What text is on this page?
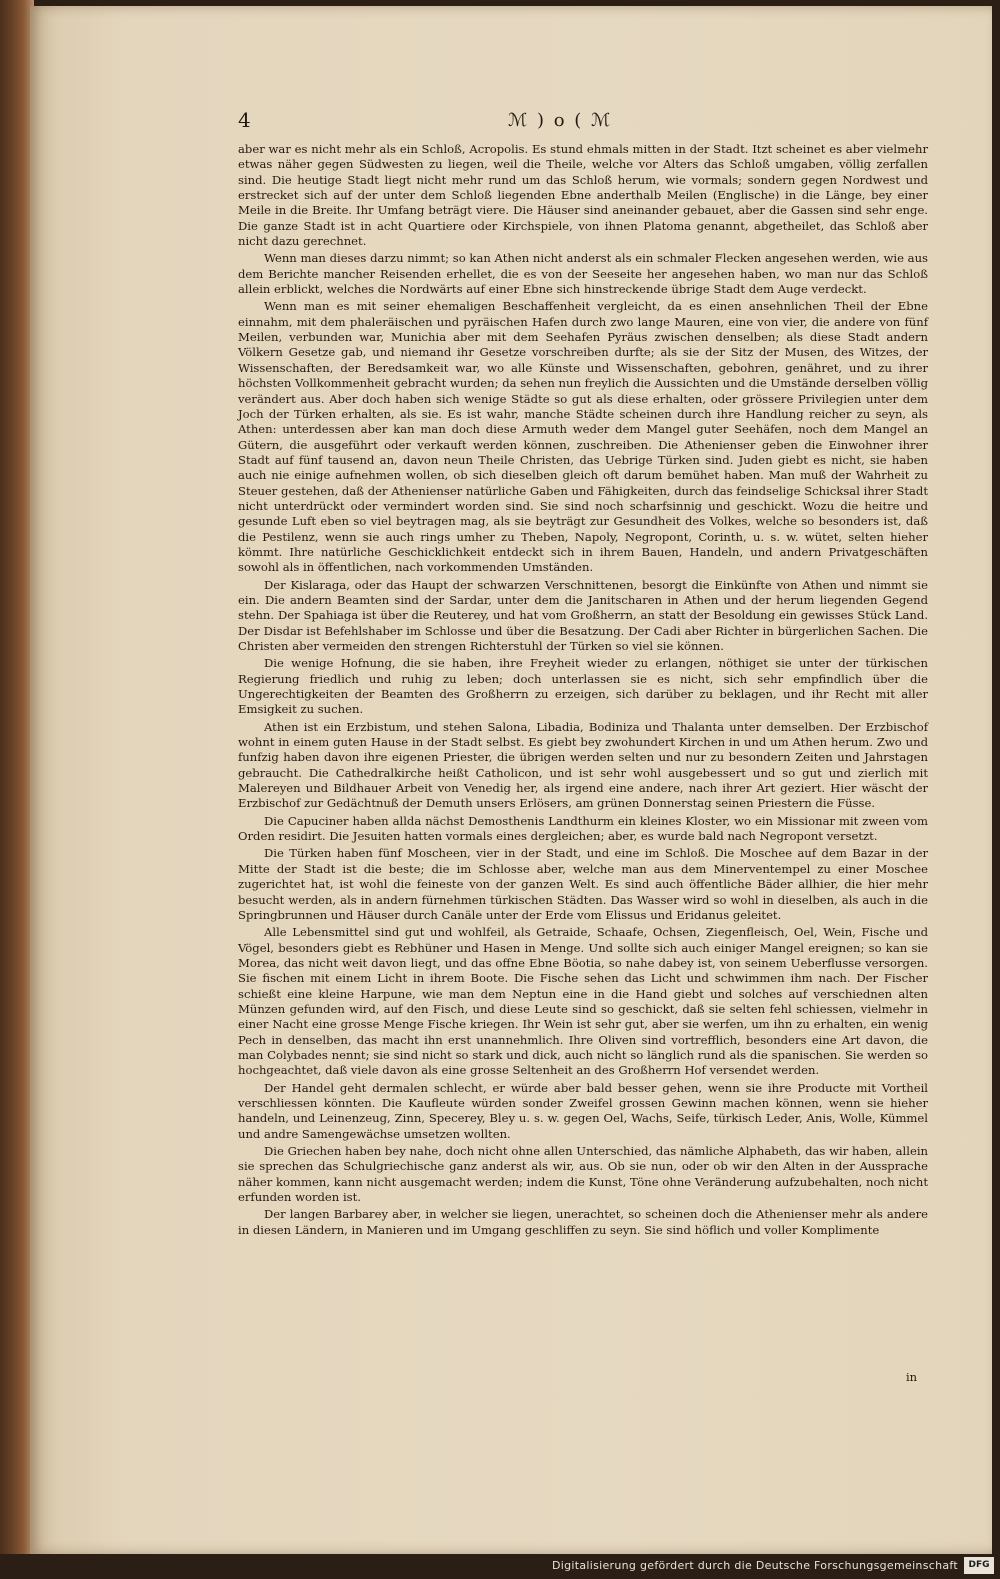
4	ℳ ) o ( ℳ

aber war es nicht mehr als ein Schloß, Acropolis. Es stund ehmals mitten in der Stadt. Itzt scheinet es aber vielmehr etwas näher gegen Südwesten zu liegen, weil die Theile, welche vor Alters das Schloß umgaben, völlig zerfallen sind. Die heutige Stadt liegt nicht mehr rund um das Schloß herum, wie vormals; sondern gegen Nordwest und erstrecket sich auf der unter dem Schloß liegenden Ebne anderthalb Meilen (Englische) in die Länge, bey einer Meile in die Breite. Ihr Umfang beträgt viere. Die Häuser sind aneinander gebauet, aber die Gassen sind sehr enge. Die ganze Stadt ist in acht Quartiere oder Kirchspiele, von ihnen Platoma genannt, abgetheilet, das Schloß aber nicht dazu gerechnet.

Wenn man dieses darzu nimmt; so kan Athen nicht anderst als ein schmaler Flecken angesehen werden, wie aus dem Berichte mancher Reisenden erhellet, die es von der Seeseite her angesehen haben, wo man nur das Schloß allein erblickt, welches die Nordwärts auf einer Ebne sich hinstreckende übrige Stadt dem Auge verdeckt.

Wenn man es mit seiner ehemaligen Beschaffenheit vergleicht, da es einen ansehnlichen Theil der Ebne einnahm, mit dem phaleräischen und pyräischen Hafen durch zwo lange Mauren, eine von vier, die andere von fünf Meilen, verbunden war, Munichia aber mit dem Seehafen Pyräus zwischen denselben; als diese Stadt andern Völkern Gesetze gab, und niemand ihr Gesetze vorschreiben durfte; als sie der Sitz der Musen, des Witzes, der Wissenschaften, der Beredsamkeit war, wo alle Künste und Wissenschaften, gebohren, genähret, und zu ihrer höchsten Vollkommenheit gebracht wurden; da sehen nun freylich die Aussichten und die Umstände derselben völlig verändert aus. Aber doch haben sich wenige Städte so gut als diese erhalten, oder grössere Privilegien unter dem Joch der Türken erhalten, als sie. Es ist wahr, manche Städte scheinen durch ihre Handlung reicher zu seyn, als Athen: unterdessen aber kan man doch diese Armuth weder dem Mangel guter Seehäfen, noch dem Mangel an Gütern, die ausgeführt oder verkauft werden können, zuschreiben. Die Athenienser geben die Einwohner ihrer Stadt auf fünf tausend an, davon neun Theile Christen, das Uebrige Türken sind. Juden giebt es nicht, sie haben auch nie einige aufnehmen wollen, ob sich dieselben gleich oft darum bemühet haben. Man muß der Wahrheit zu Steuer gestehen, daß der Athenienser natürliche Gaben und Fähigkeiten, durch das feindselige Schicksal ihrer Stadt nicht unterdrückt oder vermindert worden sind. Sie sind noch scharfsinnig und geschickt. Wozu die heitre und gesunde Luft eben so viel beytragen mag, als sie beyträgt zur Gesundheit des Volkes, welche so besonders ist, daß die Pestilenz, wenn sie auch rings umher zu Theben, Napoly, Negropont, Corinth, u. s. w. wütet, selten hieher kömmt. Ihre natürliche Geschicklichkeit entdeckt sich in ihrem Bauen, Handeln, und andern Privatgeschäften sowohl als in öffentlichen, nach vorkommenden Umständen.

Der Kislaraga, oder das Haupt der schwarzen Verschnittenen, besorgt die Einkünfte von Athen und nimmt sie ein. Die andern Beamten sind der Sardar, unter dem die Janitscharen in Athen und der herum liegenden Gegend stehn. Der Spahiaga ist über die Reuterey, und hat vom Großherrn, an statt der Besoldung ein gewisses Stück Land. Der Disdar ist Befehlshaber im Schlosse und über die Besatzung. Der Cadi aber Richter in bürgerlichen Sachen. Die Christen aber vermeiden den strengen Richterstuhl der Türken so viel sie können.

Die wenige Hofnung, die sie haben, ihre Freyheit wieder zu erlangen, nöthiget sie unter der türkischen Regierung friedlich und ruhig zu leben; doch unterlassen sie es nicht, sich sehr empfindlich über die Ungerechtigkeiten der Beamten des Großherrn zu erzeigen, sich darüber zu beklagen, und ihr Recht mit aller Emsigkeit zu suchen.

Athen ist ein Erzbistum, und stehen Salona, Libadia, Bodiniza und Thalanta unter demselben. Der Erzbischof wohnt in einem guten Hause in der Stadt selbst. Es giebt bey zwohundert Kirchen in und um Athen herum. Zwo und funfzig haben davon ihre eigenen Priester, die übrigen werden selten und nur zu besondern Zeiten und Jahrstagen gebraucht. Die Cathedralkirche heißt Catholicon, und ist sehr wohl ausgebessert und so gut und zierlich mit Malereyen und Bildhauer Arbeit von Venedig her, als irgend eine andere, nach ihrer Art geziert. Hier wäscht der Erzbischof zur Gedächtnuß der Demuth unsers Erlösers, am grünen Donnerstag seinen Priestern die Füsse.

Die Capuciner haben allda nächst Demosthenis Landthurm ein kleines Kloster, wo ein Missionar mit zween vom Orden residirt. Die Jesuiten hatten vormals eines dergleichen; aber, es wurde bald nach Negropont versetzt.

Die Türken haben fünf Moscheen, vier in der Stadt, und eine im Schloß. Die Moschee auf dem Bazar in der Mitte der Stadt ist die beste; die im Schlosse aber, welche man aus dem Minerventempel zu einer Moschee zugerichtet hat, ist wohl die feineste von der ganzen Welt. Es sind auch öffentliche Bäder allhier, die hier mehr besucht werden, als in andern fürnehmen türkischen Städten. Das Wasser wird so wohl in dieselben, als auch in die Springbrunnen und Häuser durch Canäle unter der Erde vom Elissus und Eridanus geleitet.

Alle Lebensmittel sind gut und wohlfeil, als Getraide, Schaafe, Ochsen, Ziegenfleisch, Oel, Wein, Fische und Vögel, besonders giebt es Rebhüner und Hasen in Menge. Und sollte sich auch einiger Mangel ereignen; so kan sie Morea, das nicht weit davon liegt, und das offne Ebne Böotia, so nahe dabey ist, von seinem Ueberflusse versorgen. Sie fischen mit einem Licht in ihrem Boote. Die Fische sehen das Licht und schwimmen ihm nach. Der Fischer schießt eine kleine Harpune, wie man dem Neptun eine in die Hand giebt und solches auf verschiednen alten Münzen gefunden wird, auf den Fisch, und diese Leute sind so geschickt, daß sie selten fehl schiessen, vielmehr in einer Nacht eine grosse Menge Fische kriegen. Ihr Wein ist sehr gut, aber sie werfen, um ihn zu erhalten, ein wenig Pech in denselben, das macht ihn erst unannehmlich. Ihre Oliven sind vortrefflich, besonders eine Art davon, die man Colybades nennt; sie sind nicht so stark und dick, auch nicht so länglich rund als die spanischen. Sie werden so hochgeachtet, daß viele davon als eine grosse Seltenheit an des Großherrn Hof versendet werden.

Der Handel geht dermalen schlecht, er würde aber bald besser gehen, wenn sie ihre Producte mit Vortheil verschliessen könnten. Die Kaufleute würden sonder Zweifel grossen Gewinn machen können, wenn sie hieher handeln, und Leinenzeug, Zinn, Specerey, Bley u. s. w. gegen Oel, Wachs, Seife, türkisch Leder, Anis, Wolle, Kümmel und andre Samengewächse umsetzen wollten.

Die Griechen haben bey nahe, doch nicht ohne allen Unterschied, das nämliche Alphabeth, das wir haben, allein sie sprechen das Schulgriechische ganz anderst als wir, aus. Ob sie nun, oder ob wir den Alten in der Aussprache näher kommen, kann nicht ausgemacht werden; indem die Kunst, Töne ohne Veränderung aufzubehalten, noch nicht erfunden worden ist.

Der langen Barbarey aber, in welcher sie liegen, unerachtet, so scheinen doch die Athenienser mehr als andere in diesen Ländern, in Manieren und im Umgang geschliffen zu seyn. Sie sind höflich und voller Komplimente

in
Digitalisierung gefördert durch die Deutsche Forschungsgemeinschaft	DFG
